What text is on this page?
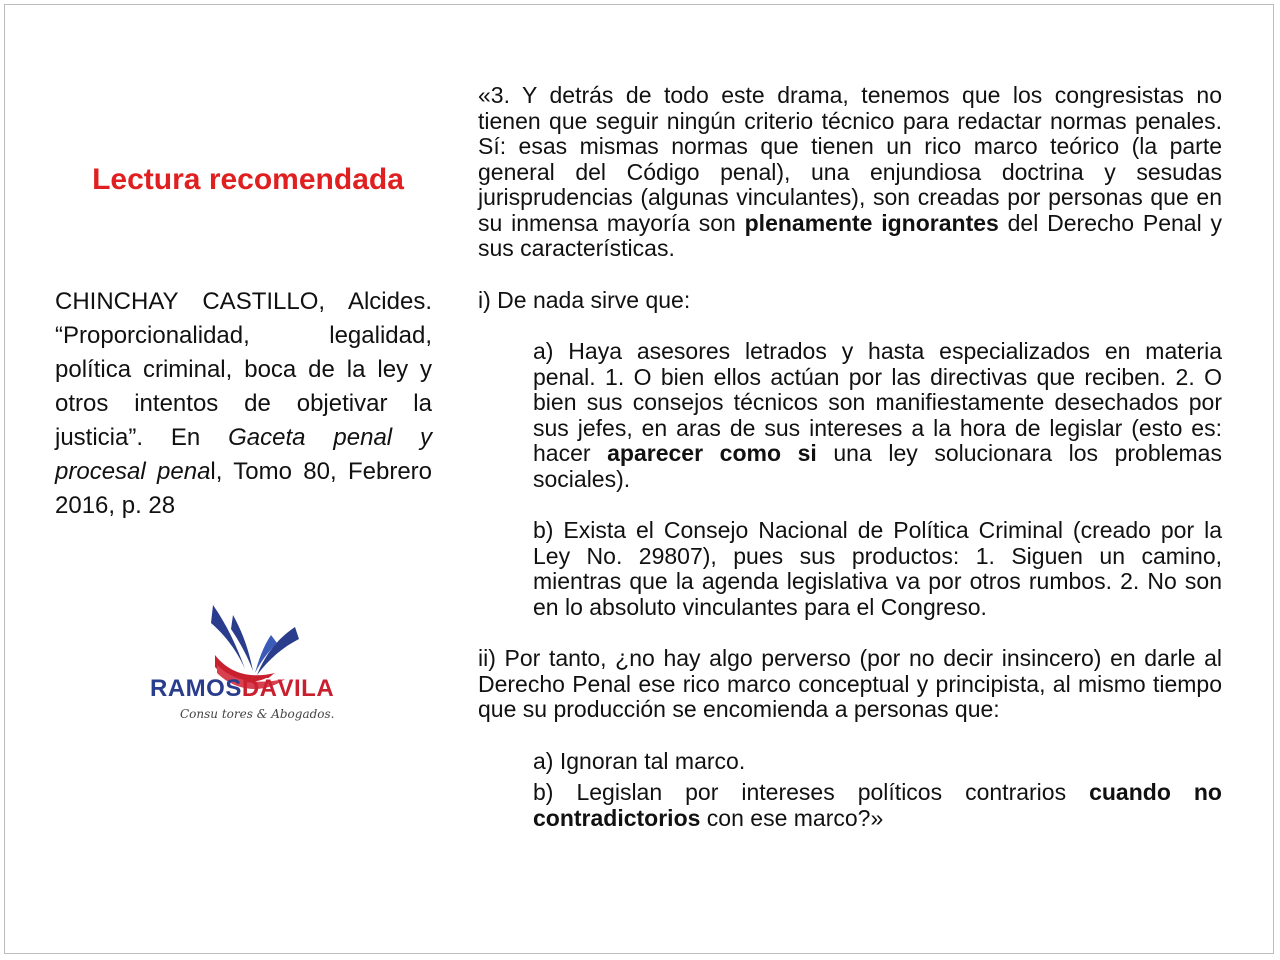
Lectura recomendada
CHINCHAY CASTILLO, Alcides. “Proporcionalidad, legalidad, política criminal, boca de la ley y otros intentos de objetivar la justicia”. En Gaceta penal y procesal penal, Tomo 80, Febrero 2016, p. 28
RAMOSDÁVILA
Consu tores & Abogados.

«3. Y detrás de todo este drama, tenemos que los congresistas no tienen que seguir ningún criterio técnico para redactar normas penales. Sí: esas mismas normas que tienen un rico marco teórico (la parte general del Código penal), una enjundiosa doctrina y sesudas jurisprudencias (algunas vinculantes), son creadas por personas que en su inmensa mayoría son plenamente ignorantes del Derecho Penal y sus características.

i) De nada sirve que:

a) Haya asesores letrados y hasta especializados en materia penal. 1. O bien ellos actúan por las directivas que reciben. 2. O bien sus consejos técnicos son manifiestamente desechados por sus jefes, en aras de sus intereses a la hora de legislar (esto es: hacer aparecer como si una ley solucionara los problemas sociales).

b) Exista el Consejo Nacional de Política Criminal (creado por la Ley No. 29807), pues sus productos: 1. Siguen un camino, mientras que la agenda legislativa va por otros rumbos. 2. No son en lo absoluto vinculantes para el Congreso.

ii) Por tanto, ¿no hay algo perverso (por no decir insincero) en darle al Derecho Penal ese rico marco conceptual y principista, al mismo tiempo que su producción se encomienda a personas que:

a) Ignoran tal marco.

b) Legislan por intereses políticos contrarios cuando no contradictorios con ese marco?»
